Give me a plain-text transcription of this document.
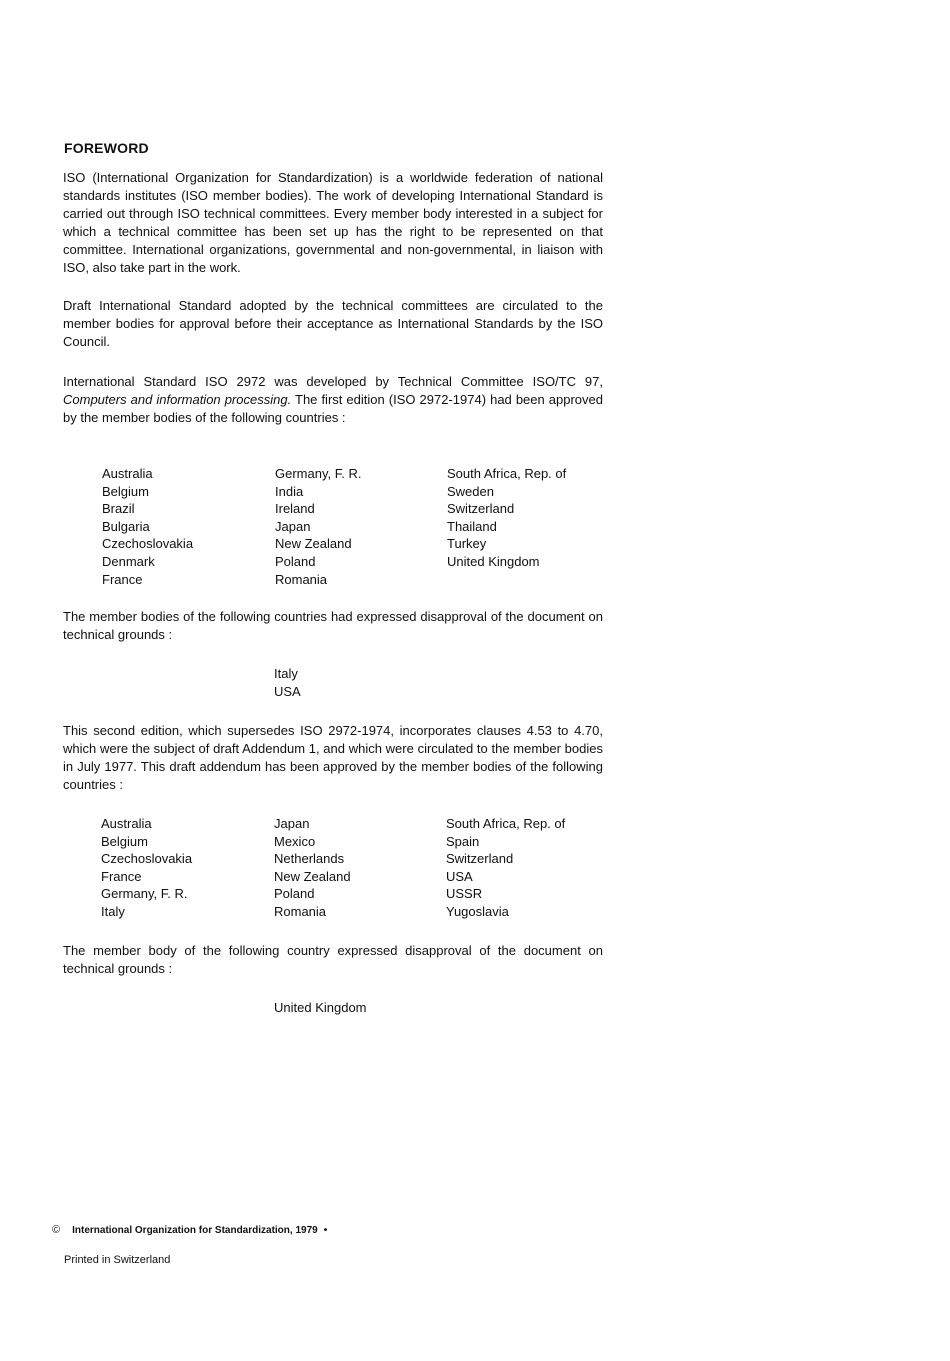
FOREWORD
ISO (International Organization for Standardization) is a worldwide federation of national standards institutes (ISO member bodies). The work of developing International Standard is carried out through ISO technical committees. Every member body interested in a subject for which a technical committee has been set up has the right to be represented on that committee. International organizations, governmental and non-governmental, in liaison with ISO, also take part in the work.
Draft International Standard adopted by the technical committees are circulated to the member bodies for approval before their acceptance as International Standards by the ISO Council.
International Standard ISO 2972 was developed by Technical Committee ISO/TC 97, Computers and information processing. The first edition (ISO 2972-1974) had been approved by the member bodies of the following countries :
Australia
Belgium
Brazil
Bulgaria
Czechoslovakia
Denmark
France
Germany, F. R.
India
Ireland
Japan
New Zealand
Poland
Romania
South Africa, Rep. of
Sweden
Switzerland
Thailand
Turkey
United Kingdom
The member bodies of the following countries had expressed disapproval of the document on technical grounds :
Italy
USA
This second edition, which supersedes ISO 2972-1974, incorporates clauses 4.53 to 4.70, which were the subject of draft Addendum 1, and which were circulated to the member bodies in July 1977. This draft addendum has been approved by the member bodies of the following countries :
Australia
Belgium
Czechoslovakia
France
Germany, F. R.
Italy
Japan
Mexico
Netherlands
New Zealand
Poland
Romania
South Africa, Rep. of
Spain
Switzerland
USA
USSR
Yugoslavia
The member body of the following country expressed disapproval of the document on technical grounds :
United Kingdom
© International Organization for Standardization, 1979 •
Printed in Switzerland
